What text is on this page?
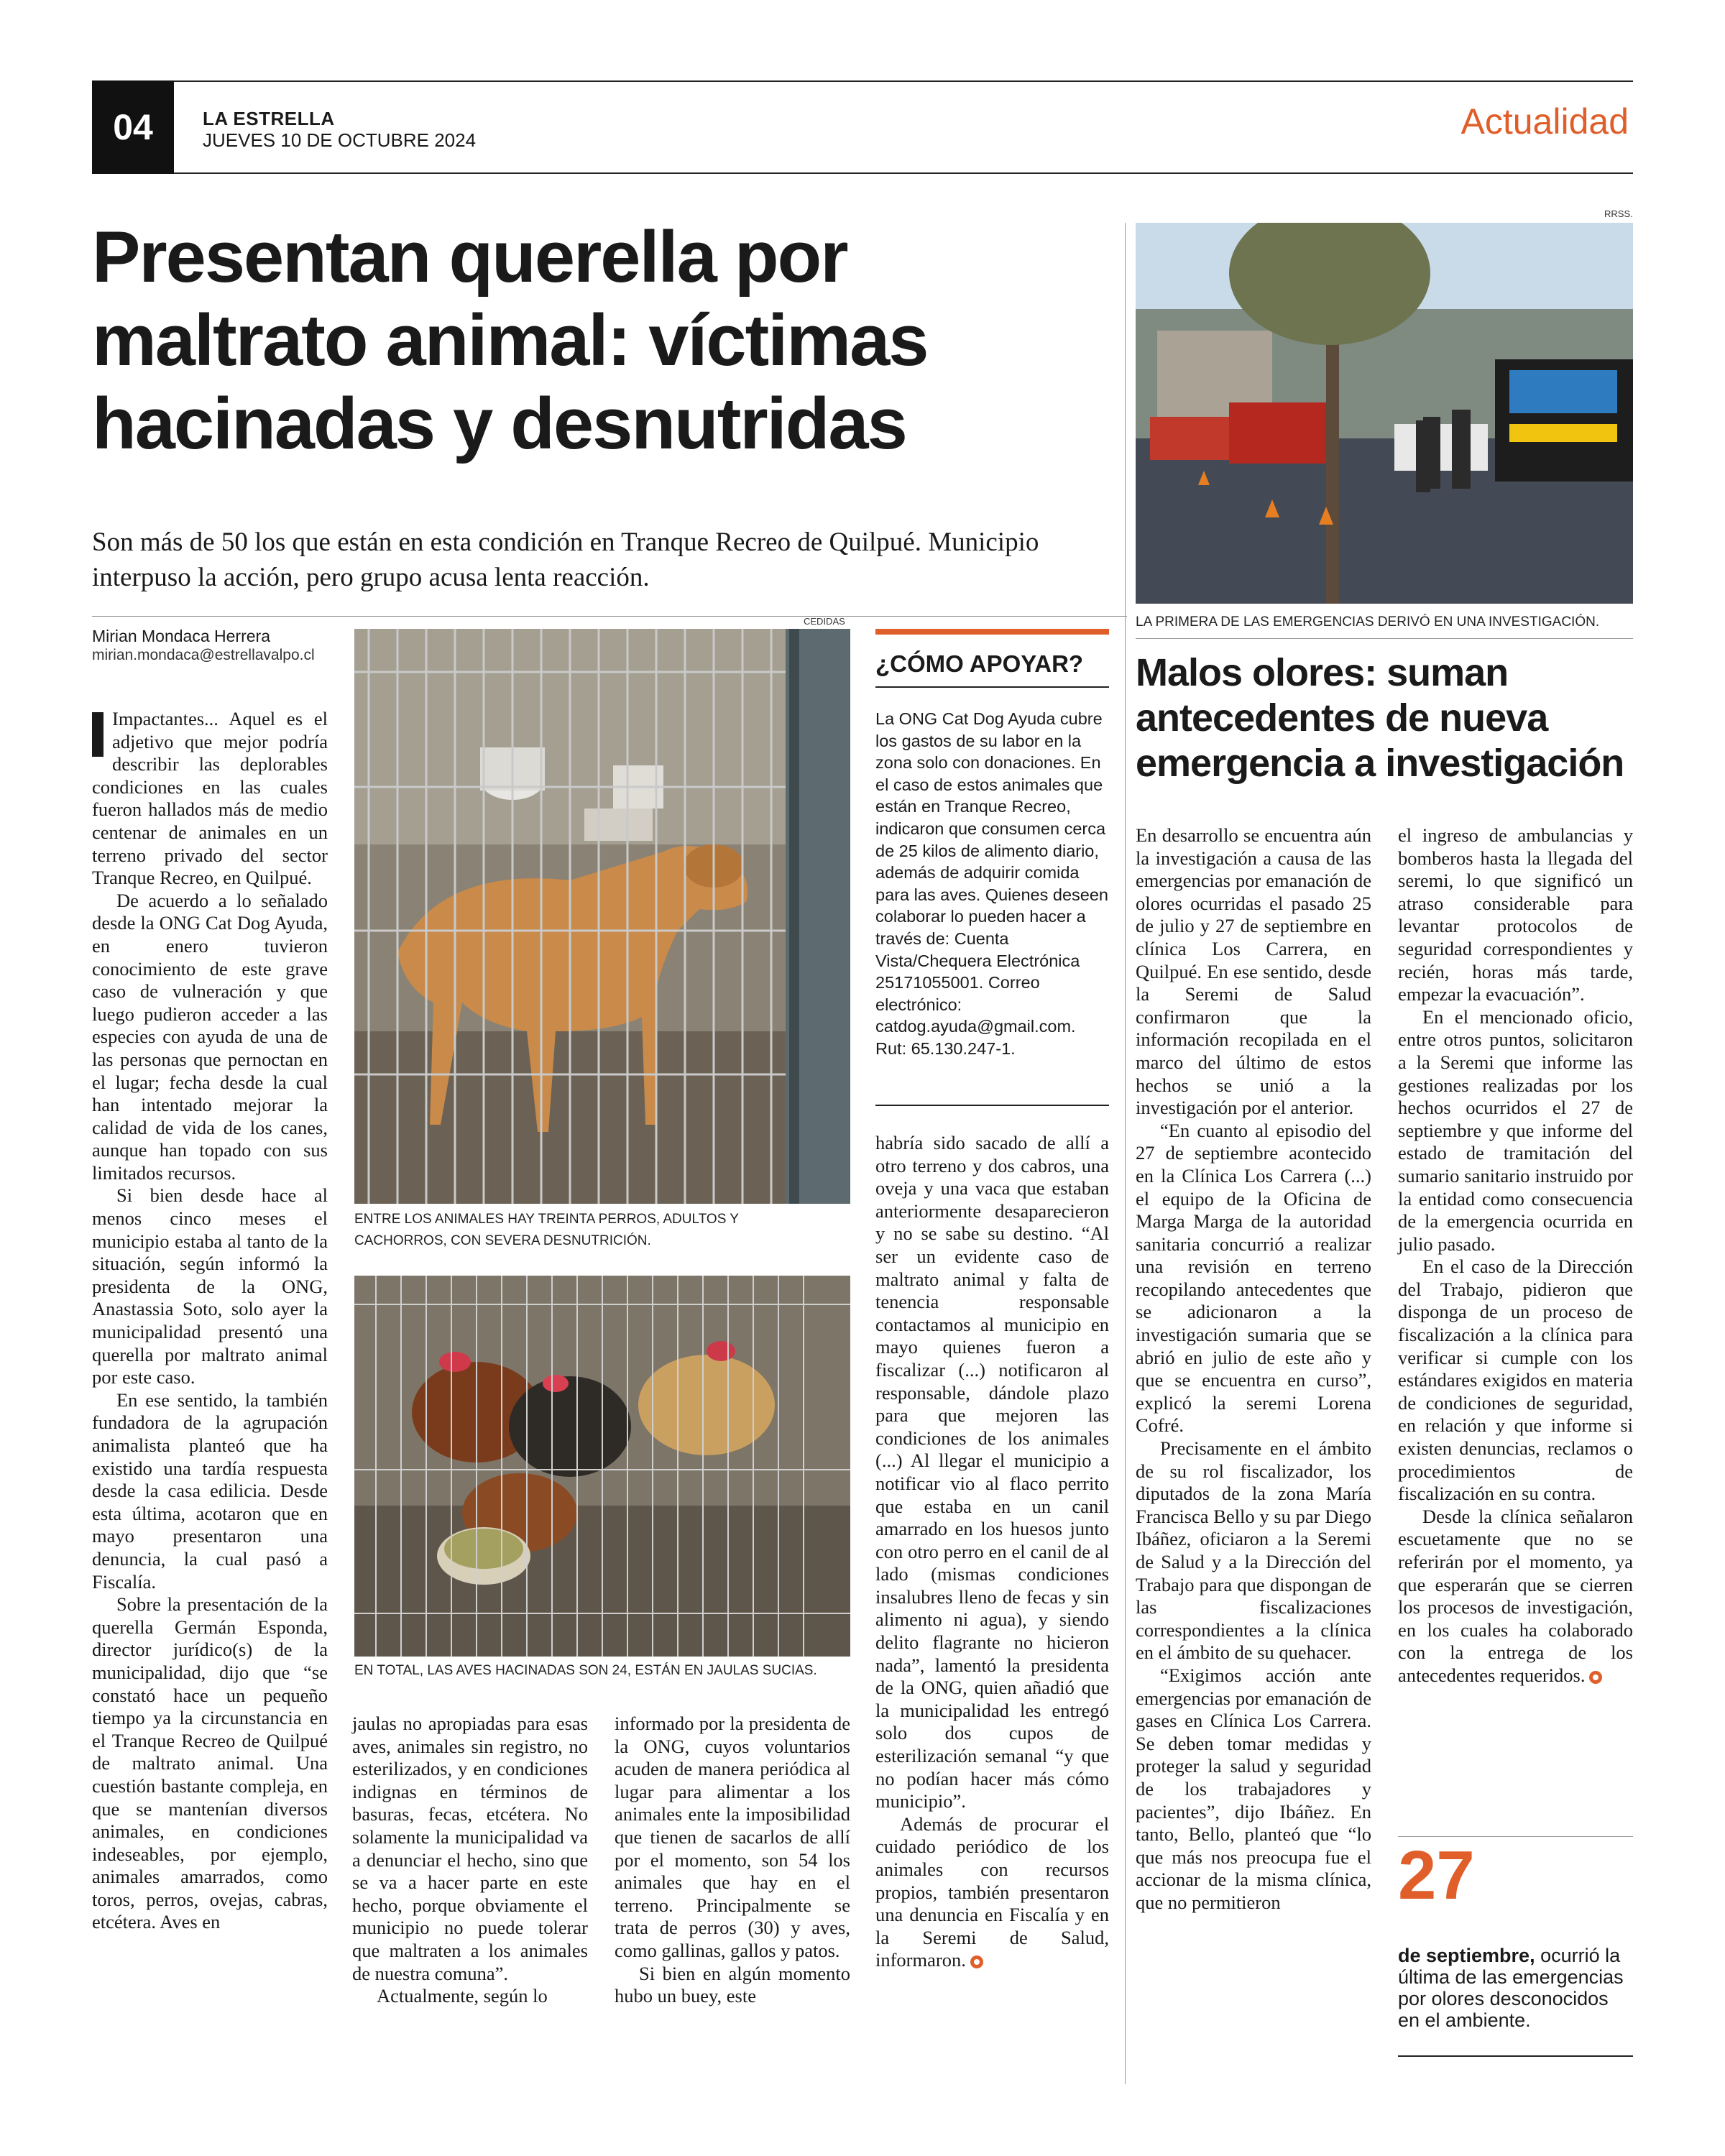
04	LA ESTRELLA
JUEVES 10 DE OCTUBRE 2024	Actualidad
Presentan querella por maltrato animal: víctimas hacinadas y desnutridas

Son más de 50 los que están en esta condición en Tranque Recreo de Quilpué. Municipio interpuso la acción, pero grupo acusa lenta reacción.

Mirian Mondaca Herrera
mirian.mondaca@estrellavalpo.cl

Impactantes... Aquel es el adjetivo que mejor podría describir las deplorables condiciones en las cuales fueron hallados más de medio centenar de animales en un terreno privado del sector Tranque Recreo, en Quilpué.

De acuerdo a lo señalado desde la ONG Cat Dog Ayuda, en enero tuvieron conocimiento de este grave caso de vulneración y que luego pudieron acceder a las especies con ayuda de una de las personas que pernoctan en el lugar; fecha desde la cual han intentado mejorar la calidad de vida de los canes, aunque han topado con sus limitados recursos.

Si bien desde hace al menos cinco meses el municipio estaba al tanto de la situación, según informó la presidenta de la ONG, Anastassia Soto, solo ayer la municipalidad presentó una querella por maltrato animal por este caso.

En ese sentido, la también fundadora de la agrupación animalista planteó que ha existido una tardía respuesta desde la casa edilicia. Desde esta última, acotaron que en mayo presentaron una denuncia, la cual pasó a Fiscalía.

Sobre la presentación de la querella Germán Esponda, director jurídico(s) de la municipalidad, dijo que “se constató hace un pequeño tiempo ya la circunstancia en el Tranque Recreo de Quilpué de maltrato animal. Una cuestión bastante compleja, en que se mantenían diversos animales, en condiciones indeseables, por ejemplo, animales amarrados, como toros, perros, ovejas, cabras, etcétera. Aves en

CEDIDAS
ENTRE LOS ANIMALES HAY TREINTA PERROS, ADULTOS Y CACHORROS, CON SEVERA DESNUTRICIÓN.
EN TOTAL, LAS AVES HACINADAS SON 24, ESTÁN EN JAULAS SUCIAS.

jaulas no apropiadas para esas aves, animales sin registro, no esterilizados, y en condiciones indignas en términos de basuras, fecas, etcétera. No solamente la municipalidad va a denunciar el hecho, sino que se va a hacer parte en este hecho, porque obviamente el municipio no puede tolerar que maltraten a los animales de nuestra comuna”.

Actualmente, según lo

informado por la presidenta de la ONG, cuyos voluntarios acuden de manera periódica al lugar para alimentar a los animales ente la imposibilidad que tienen de sacarlos de allí por el momento, son 54 los animales que hay en el terreno. Principalmente se trata de perros (30) y aves, como gallinas, gallos y patos.

Si bien en algún momento hubo un buey, este

¿CÓMO APOYAR?
La ONG Cat Dog Ayuda cubre los gastos de su labor en la zona solo con donaciones. En el caso de estos animales que están en Tranque Recreo, indicaron que consumen cerca de 25 kilos de alimento diario, además de adquirir comida para las aves. Quienes deseen colaborar lo pueden hacer a través de: Cuenta Vista/Chequera Electrónica 25171055001. Correo electrónico: catdog.ayuda@gmail.com. Rut: 65.130.247-1.

habría sido sacado de allí a otro terreno y dos cabros, una oveja y una vaca que estaban anteriormente desaparecieron y no se sabe su destino. “Al ser un evidente caso de maltrato animal y falta de tenencia responsable contactamos al municipio en mayo quienes fueron a fiscalizar (...) notificaron al responsable, dándole plazo para que mejoren las condiciones de los animales (...) Al llegar el municipio a notificar vio al flaco perrito que estaba en un canil amarrado en los huesos junto con otro perro en el canil de al lado (mismas condiciones insalubres lleno de fecas y sin alimento ni agua), y siendo delito flagrante no hicieron nada”, lamentó la presidenta de la ONG, quien añadió que la municipalidad les entregó solo dos cupos de esterilización semanal “y que no podían hacer más cómo municipio”.

Además de procurar el cuidado periódico de los animales con recursos propios, también presentaron una denuncia en Fiscalía y en la Seremi de Salud, informaron.

RRSS.
LA PRIMERA DE LAS EMERGENCIAS DERIVÓ EN UNA INVESTIGACIÓN.
Malos olores: suman antecedentes de nueva emergencia a investigación

En desarrollo se encuentra aún la investigación a causa de las emergencias por emanación de olores ocurridas el pasado 25 de julio y 27 de septiembre en clínica Los Carrera, en Quilpué. En ese sentido, desde la Seremi de Salud confirmaron que la información recopilada en el marco del último de estos hechos se unió a la investigación por el anterior.

“En cuanto al episodio del 27 de septiembre acontecido en la Clínica Los Carrera (...) el equipo de la Oficina de Marga Marga de la autoridad sanitaria concurrió a realizar una revisión en terreno recopilando antecedentes que se adicionaron a la investigación sumaria que se abrió en julio de este año y que se encuentra en curso”, explicó la seremi Lorena Cofré.

Precisamente en el ámbito de su rol fiscalizador, los diputados de la zona María Francisca Bello y su par Diego Ibáñez, oficiaron a la Seremi de Salud y a la Dirección del Trabajo para que dispongan de las fiscalizaciones correspondientes a la clínica en el ámbito de su quehacer.

“Exigimos acción ante emergencias por emanación de gases en Clínica Los Carrera. Se deben tomar medidas y proteger la salud y seguridad de los trabajadores y pacientes”, dijo Ibáñez. En tanto, Bello, planteó que “lo que más nos preocupa fue el accionar de la misma clínica, que no permitieron

el ingreso de ambulancias y bomberos hasta la llegada del seremi, lo que significó un atraso considerable para levantar protocolos de seguridad correspondientes y recién, horas más tarde, empezar la evacuación”.

En el mencionado oficio, entre otros puntos, solicitaron a la Seremi que informe las gestiones realizadas por los hechos ocurridos el 27 de septiembre y que informe del estado de tramitación del sumario sanitario instruido por la entidad como consecuencia de la emergencia ocurrida en julio pasado.

En el caso de la Dirección del Trabajo, pidieron que disponga de un proceso de fiscalización a la clínica para verificar si cumple con los estándares exigidos en materia de condiciones de seguridad, en relación y que informe si existen denuncias, reclamos o procedimientos de fiscalización en su contra.

Desde la clínica señalaron escuetamente que no se referirán por el momento, ya que esperarán que se cierren los procesos de investigación, en los cuales ha colaborado con la entrega de los antecedentes requeridos.

27
de septiembre, ocurrió la última de las emergencias por olores desconocidos en el ambiente.
